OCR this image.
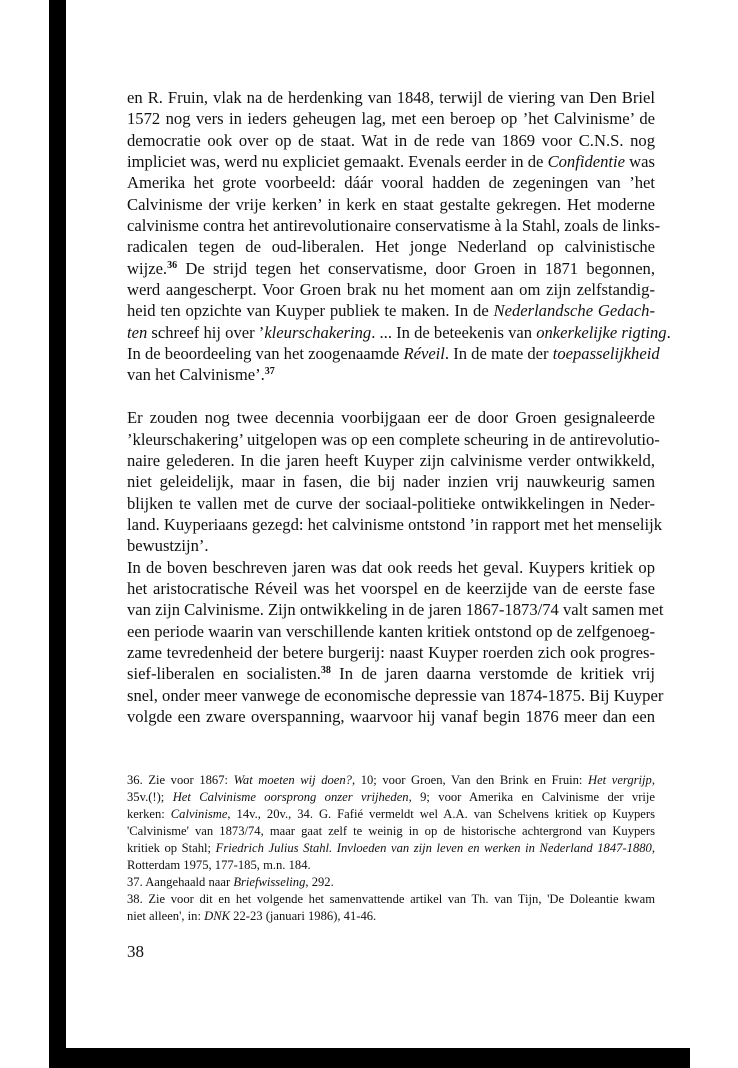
en R. Fruin, vlak na de herdenking van 1848, terwijl de viering van Den Briel
1572 nog vers in ieders geheugen lag, met een beroep op ’het Calvinisme’ de
democratie ook over op de staat. Wat in de rede van 1869 voor C.N.S. nog
impliciet was, werd nu expliciet gemaakt. Evenals eerder in de Confidentie was
Amerika het grote voorbeeld: dáár vooral hadden de zegeningen van ’het
Calvinisme der vrije kerken’ in kerk en staat gestalte gekregen. Het moderne
calvinisme contra het antirevolutionaire conservatisme à la Stahl, zoals de links-
radicalen tegen de oud-liberalen. Het jonge Nederland op calvinistische
wijze.$^{36}$ De strijd tegen het conservatisme, door Groen in 1871 begonnen,
werd aangescherpt. Voor Groen brak nu het moment aan om zijn zelfstandig-
heid ten opzichte van Kuyper publiek te maken. In de Nederlandsche Gedach-
ten schreef hij over ’kleurschakering. ... In de beteekenis van onkerkelijke rigting.
In de beoordeeling van het zoogenaamde Réveil. In de mate der toepasselijkheid
van het Calvinisme’.$^{37}$
Er zouden nog twee decennia voorbijgaan eer de door Groen gesignaleerde
’kleurschakering’ uitgelopen was op een complete scheuring in de antirevolutio-
naire gelederen. In die jaren heeft Kuyper zijn calvinisme verder ontwikkeld,
niet geleidelijk, maar in fasen, die bij nader inzien vrij nauwkeurig samen
blijken te vallen met de curve der sociaal-politieke ontwikkelingen in Neder-
land. Kuyperiaans gezegd: het calvinisme ontstond ’in rapport met het menselijk
bewustzijn’.
In de boven beschreven jaren was dat ook reeds het geval. Kuypers kritiek op
het aristocratische Réveil was het voorspel en de keerzijde van de eerste fase
van zijn Calvinisme. Zijn ontwikkeling in de jaren 1867-1873/74 valt samen met
een periode waarin van verschillende kanten kritiek ontstond op de zelfgenoeg-
zame tevredenheid der betere burgerij: naast Kuyper roerden zich ook progres-
sief-liberalen en socialisten.$^{38}$ In de jaren daarna verstomde de kritiek vrij
snel, onder meer vanwege de economische depressie van 1874-1875. Bij Kuyper
volgde een zware overspanning, waarvoor hij vanaf begin 1876 meer dan een
36. Zie voor 1867: Wat moeten wij doen?, 10; voor Groen, Van den Brink en Fruin: Het vergrijp,
35v.(!); Het Calvinisme oorsprong onzer vrijheden, 9; voor Amerika en Calvinisme der vrije
kerken: Calvinisme, 14v., 20v., 34. G. Fafié vermeldt wel A.A. van Schelvens kritiek op Kuypers
'Calvinisme' van 1873/74, maar gaat zelf te weinig in op de historische achtergrond van Kuypers
kritiek op Stahl; Friedrich Julius Stahl. Invloeden van zijn leven en werken in Nederland 1847-1880,
Rotterdam 1975, 177-185, m.n. 184.
37. Aangehaald naar Briefwisseling, 292.
38. Zie voor dit en het volgende het samenvattende artikel van Th. van Tijn, 'De Doleantie kwam
niet alleen', in: DNK 22-23 (januari 1986), 41-46.
38
